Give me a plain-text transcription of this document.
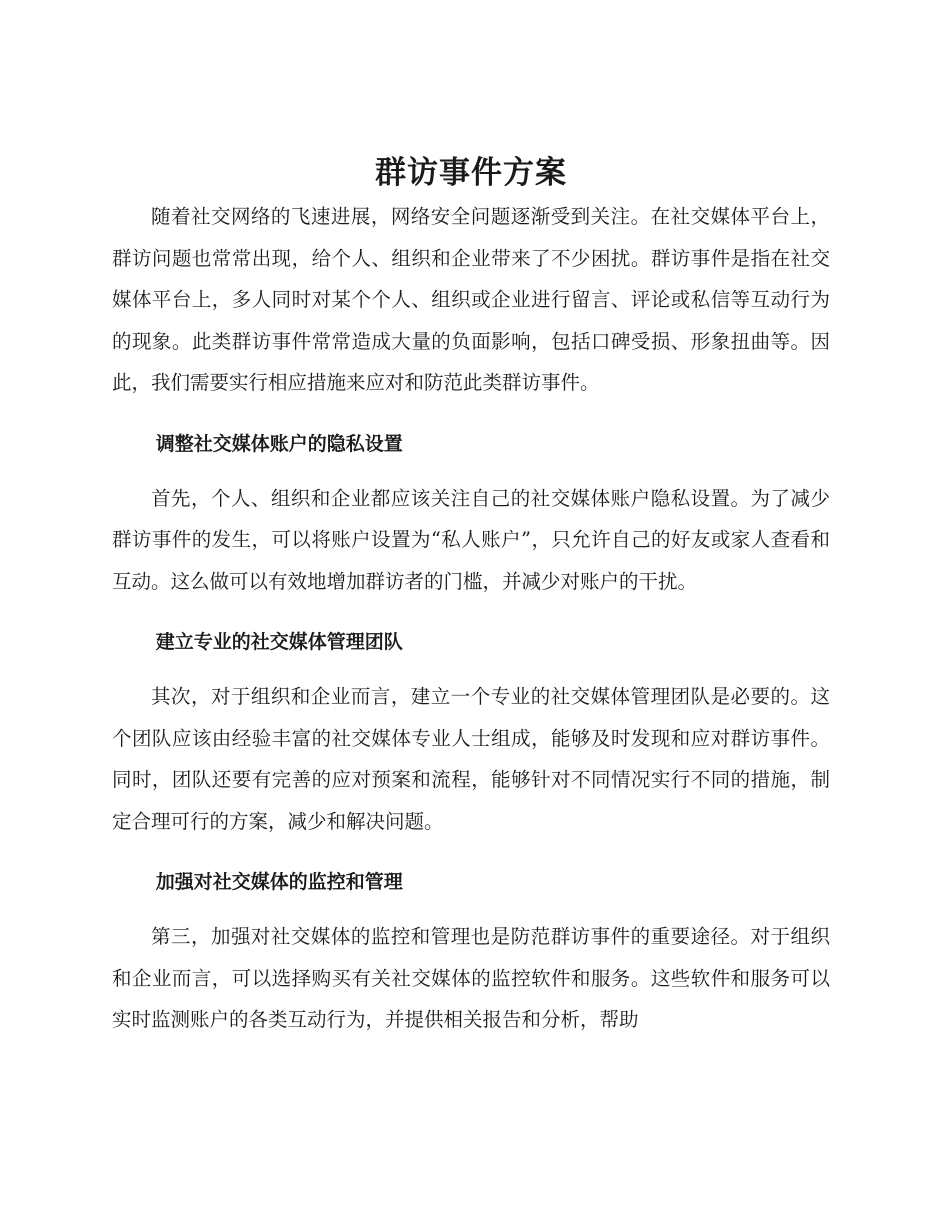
群访事件方案

随着社交网络的飞速进展，网络安全问题逐渐受到关注。在社交媒体平台上，群访问题也常常出现，给个人、组织和企业带来了不少困扰。群访事件是指在社交媒体平台上，多人同时对某个个人、组织或企业进行留言、评论或私信等互动行为的现象。此类群访事件常常造成大量的负面影响，包括口碑受损、形象扭曲等。因此，我们需要实行相应措施来应对和防范此类群访事件。

调整社交媒体账户的隐私设置

首先，个人、组织和企业都应该关注自己的社交媒体账户隐私设置。为了减少群访事件的发生，可以将账户设置为“私人账户”，只允许自己的好友或家人查看和互动。这么做可以有效地增加群访者的门槛，并减少对账户的干扰。

建立专业的社交媒体管理团队

其次，对于组织和企业而言，建立一个专业的社交媒体管理团队是必要的。这个团队应该由经验丰富的社交媒体专业人士组成，能够及时发现和应对群访事件。同时，团队还要有完善的应对预案和流程，能够针对不同情况实行不同的措施，制定合理可行的方案，减少和解决问题。

加强对社交媒体的监控和管理

第三，加强对社交媒体的监控和管理也是防范群访事件的重要途径。对于组织和企业而言，可以选择购买有关社交媒体的监控软件和服务。这些软件和服务可以实时监测账户的各类互动行为，并提供相关报告和分析，帮助
